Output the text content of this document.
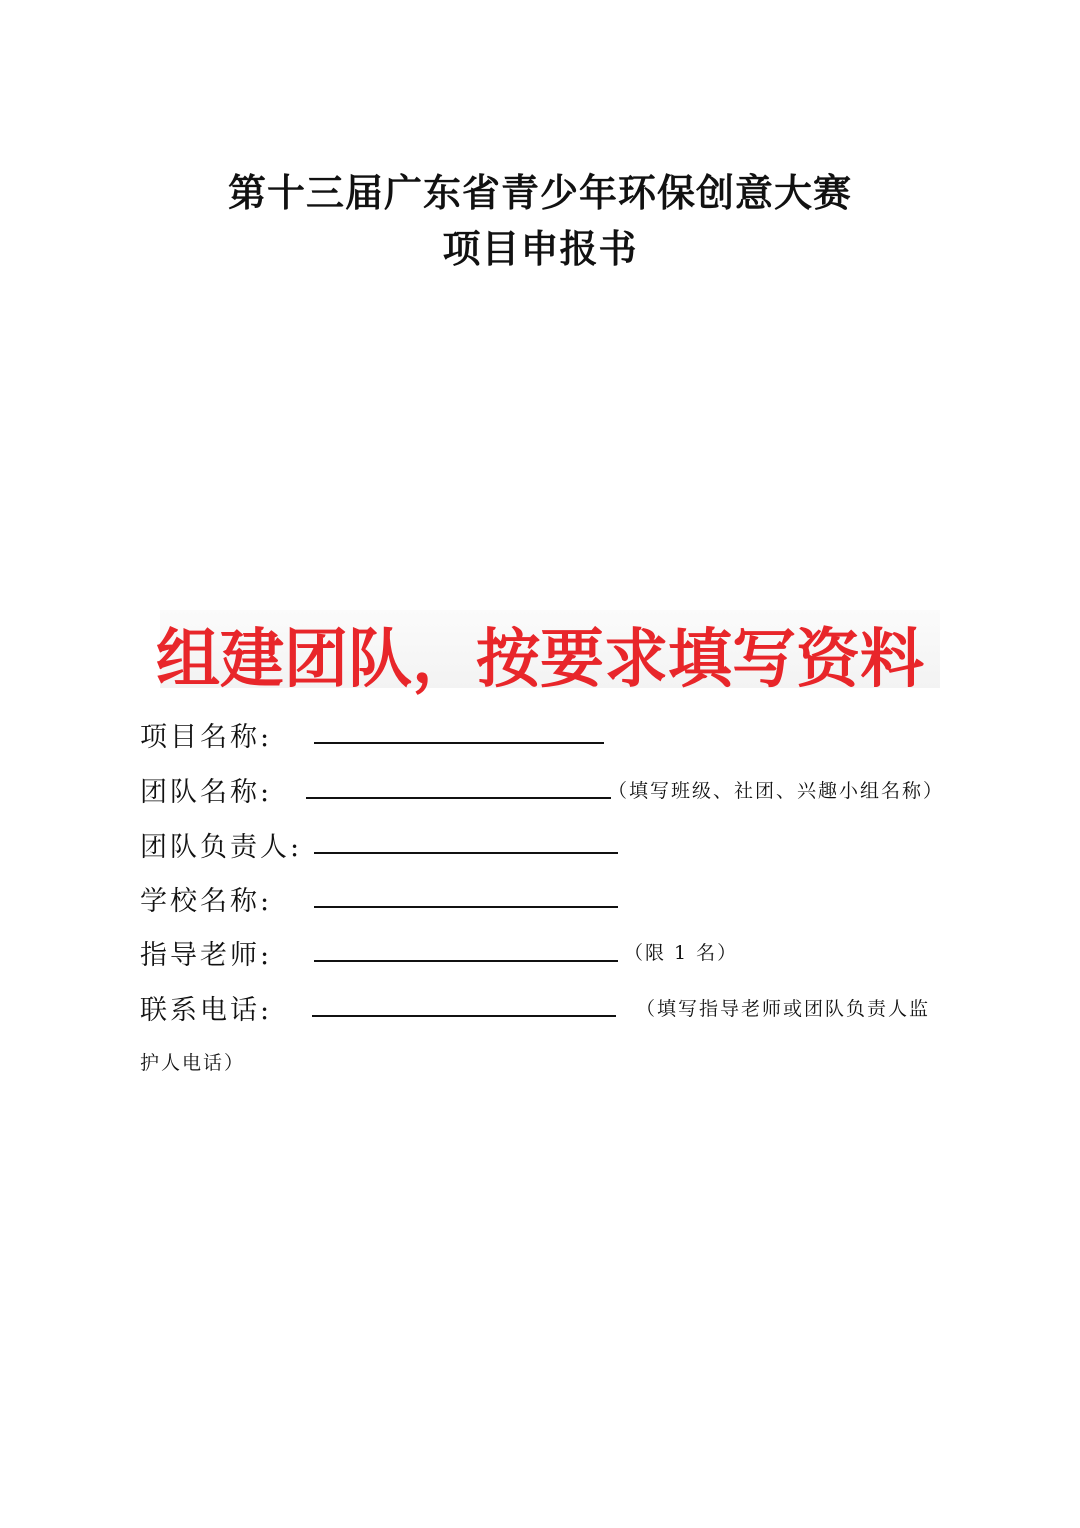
第十三届广东省青少年环保创意大赛
项目申报书
组建团队，按要求填写资料
项目名称:
团队名称:	（填写班级、社团、兴趣小组名称）
团队负责人:
学校名称:
指导老师:	（限 1 名）
联系电话:	（填写指导老师或团队负责人监
护人电话）
